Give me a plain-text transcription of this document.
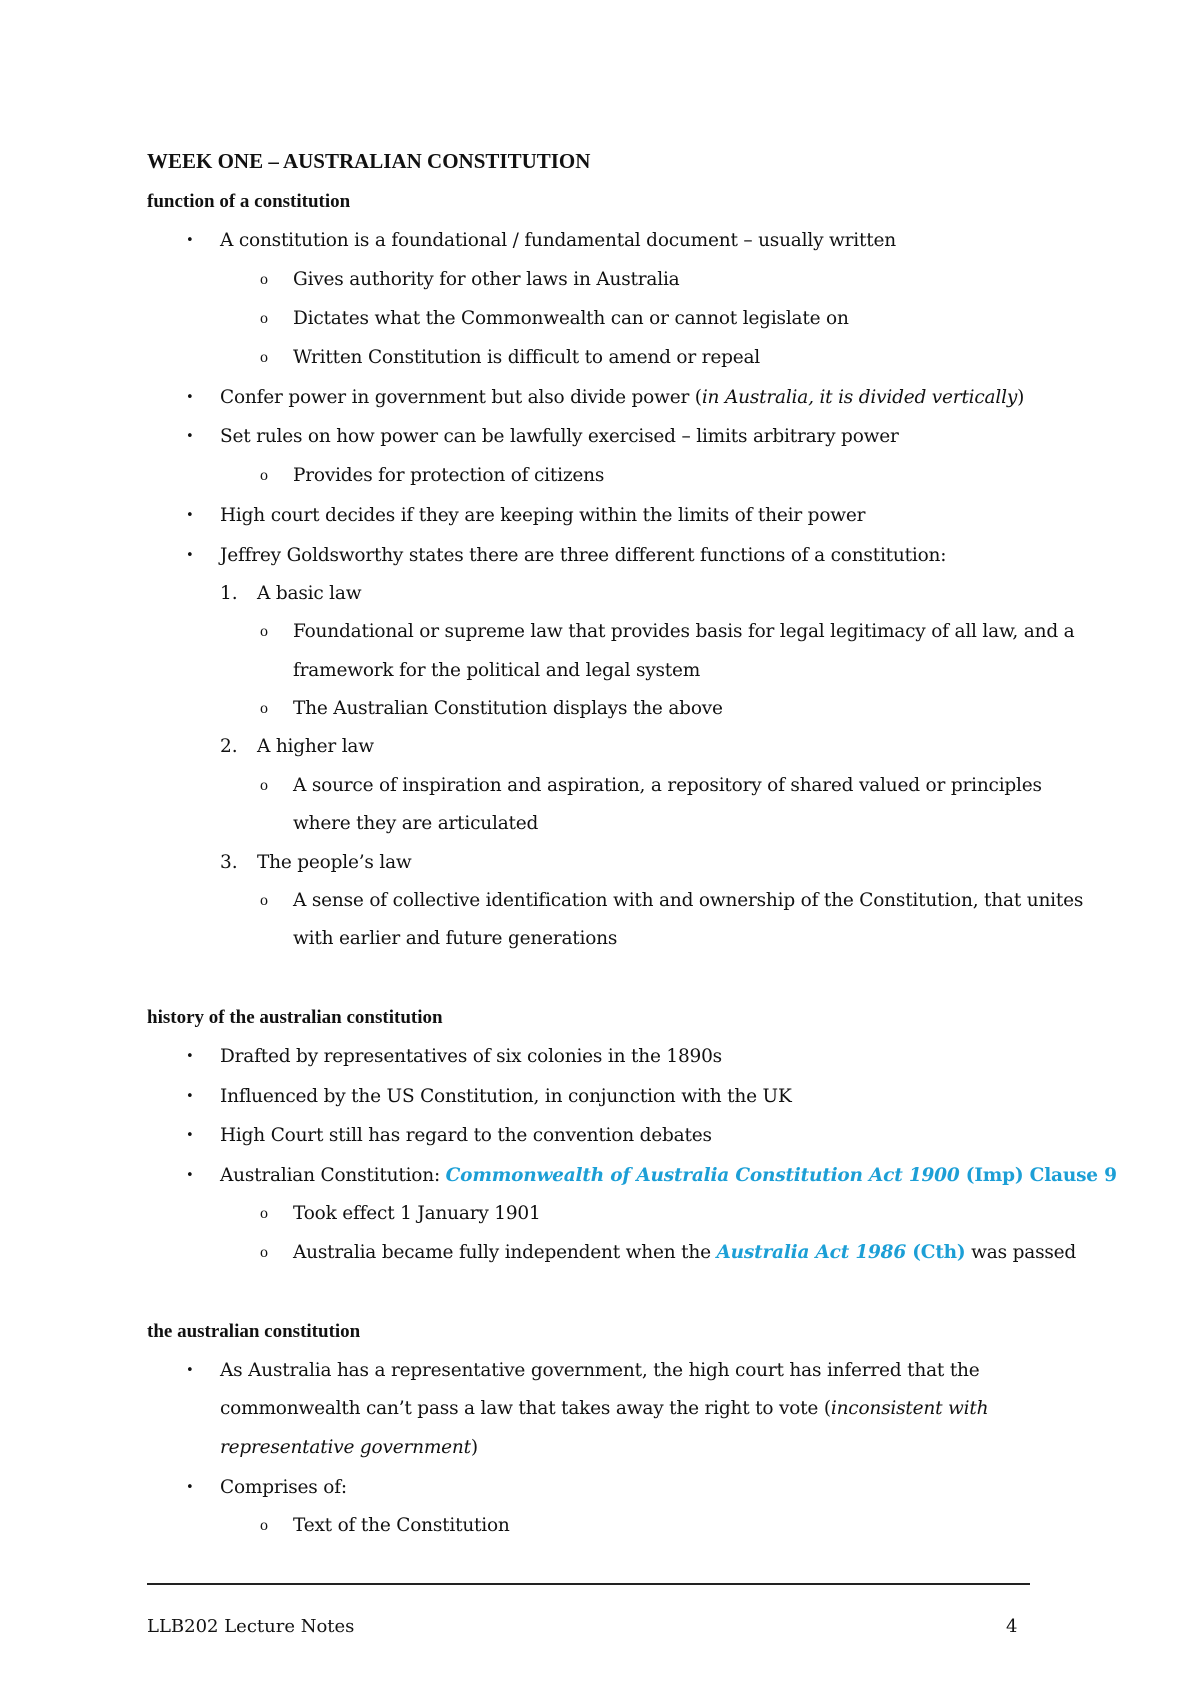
WEEK ONE – AUSTRALIAN CONSTITUTION
function of a constitution
• A constitution is a foundational / fundamental document – usually written
o Gives authority for other laws in Australia
o Dictates what the Commonwealth can or cannot legislate on
o Written Constitution is difficult to amend or repeal
• Confer power in government but also divide power (in Australia, it is divided vertically)
• Set rules on how power can be lawfully exercised – limits arbitrary power
o Provides for protection of citizens
• High court decides if they are keeping within the limits of their power
• Jeffrey Goldsworthy states there are three different functions of a constitution:
1. A basic law
o Foundational or supreme law that provides basis for legal legitimacy of all law, and a
framework for the political and legal system
o The Australian Constitution displays the above
2. A higher law
o A source of inspiration and aspiration, a repository of shared valued or principles
where they are articulated
3. The people’s law
o A sense of collective identification with and ownership of the Constitution, that unites
with earlier and future generations
history of the australian constitution
• Drafted by representatives of six colonies in the 1890s
• Influenced by the US Constitution, in conjunction with the UK
• High Court still has regard to the convention debates
• Australian Constitution: Commonwealth of Australia Constitution Act 1900 (Imp) Clause 9
o Took effect 1 January 1901
o Australia became fully independent when the Australia Act 1986 (Cth) was passed
the australian constitution
• As Australia has a representative government, the high court has inferred that the
commonwealth can’t pass a law that takes away the right to vote (inconsistent with
representative government)
• Comprises of:
o Text of the Constitution
LLB202 Lecture Notes	4
